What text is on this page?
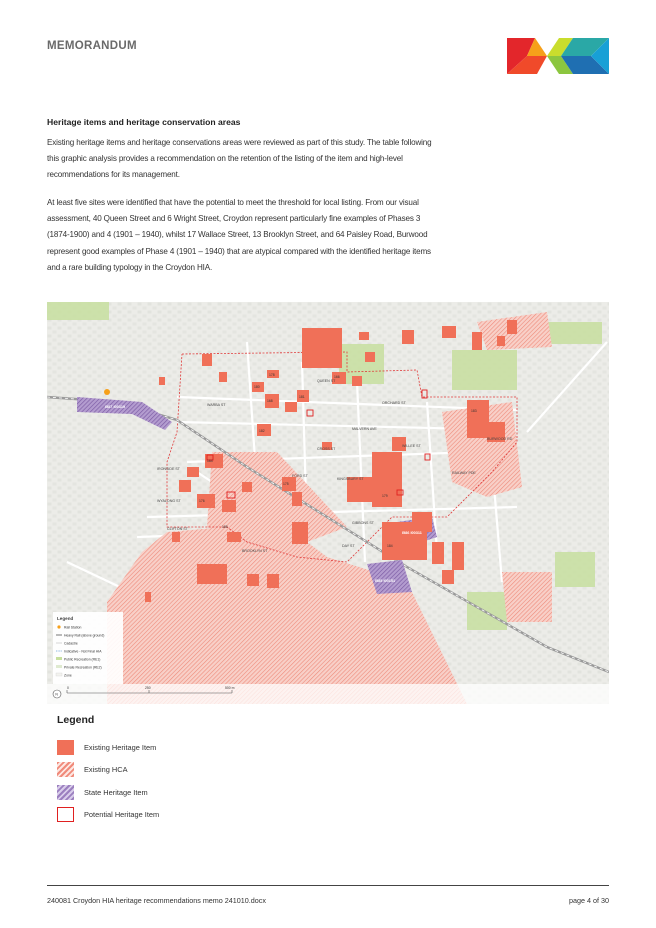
MEMORANDUM
Heritage items and heritage conservation areas

Existing heritage items and heritage conservations areas were reviewed as part of this study. The table following this graphic analysis provides a recommendation on the retention of the listing of the item and high-level recommendations for its management.

At least five sites were identified that have the potential to meet the threshold for local listing. From our visual assessment, 40 Queen Street and 6 Wright Street, Croydon represent particularly fine examples of Phases 3 (1874-1900) and 4 (1901 – 1940), whilst 17 Wallace Street, 13 Brooklyn Street, and 64 Paisley Road, Burwood represent good examples of Phase 4 (1901 – 1940) that are atypical compared with the identified heritage items and a rare building typology in the Croydon HIA.

WARBA ST
QUEEN ST
ORCHARD ST
MALVERN AVE
WILLEE ST
CROSS ST
IRONSIDE ST
WYALONG ST
CLIFTON ST
KINGSBURY ST
GIBBONS ST
RAILWAY PDE
BURWOOD RD
FORD ST
BROOKLYN ST
DAY ST
178
180
166
168
181
182
164
176
179
184
183
175
189
I587 I00319
I586 I00311
I585 I00151
Legend
Rail Station
Heavy Rail (above ground)
Cadastre
Indicative - Not Final HIA
Public Recreation (RE1)
Private Recreation (RE2)
Zone
N
0	250	500 m
Legend
Existing Heritage Item
Existing HCA
State Heritage Item
Potential Heritage Item
240081 Croydon HIA heritage recommendations memo 241010.docx	page 4 of 30
